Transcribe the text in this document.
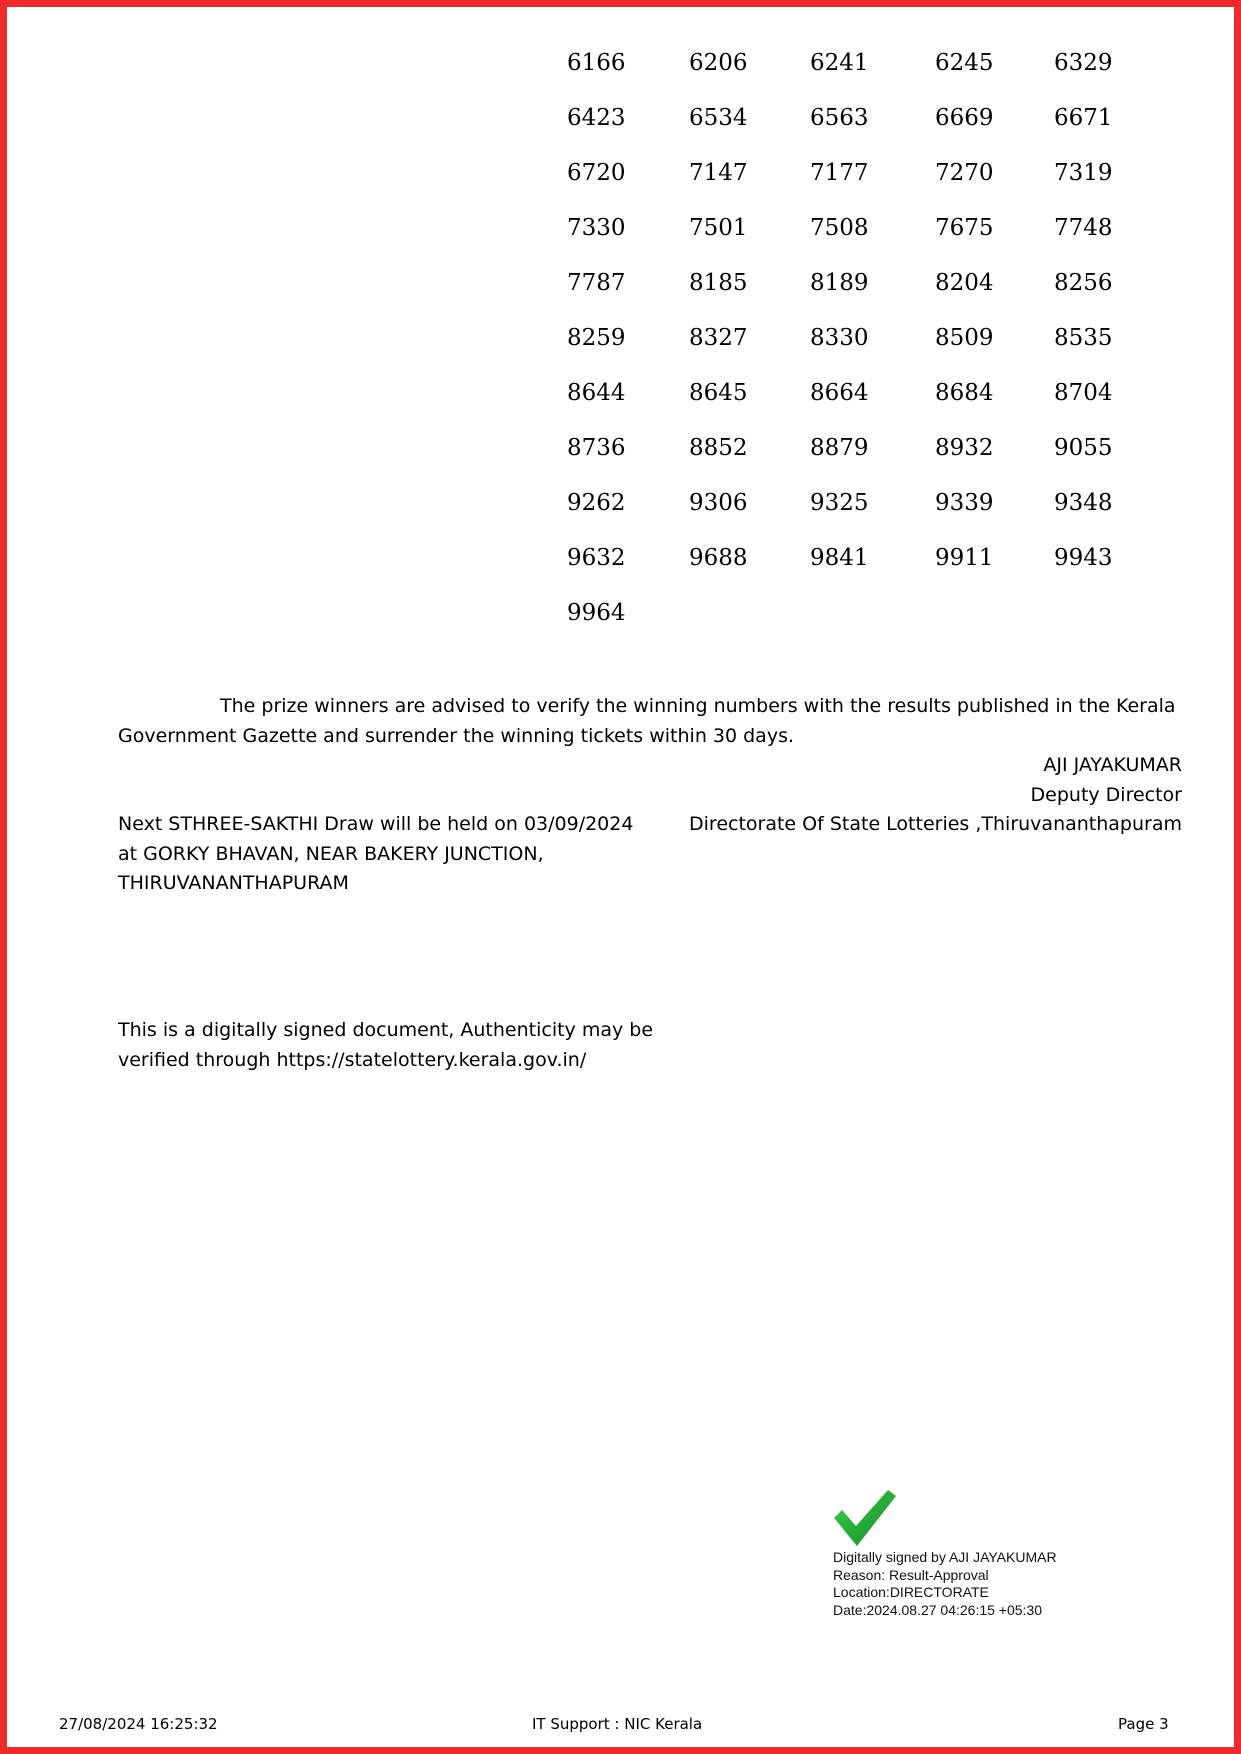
6166	6206	6241	6245	6329
6423	6534	6563	6669	6671
6720	7147	7177	7270	7319
7330	7501	7508	7675	7748
7787	8185	8189	8204	8256
8259	8327	8330	8509	8535
8644	8645	8664	8684	8704
8736	8852	8879	8932	9055
9262	9306	9325	9339	9348
9632	9688	9841	9911	9943
9964
The prize winners are advised to verify the winning numbers with the results published in the Kerala
Government Gazette and surrender the winning tickets within 30 days.
AJI JAYAKUMAR
Deputy Director
Directorate Of State Lotteries ,Thiruvananthapuram
Next STHREE-SAKTHI Draw will be held on 03/09/2024
at GORKY BHAVAN, NEAR BAKERY JUNCTION,
THIRUVANANTHAPURAM
This is a digitally signed document, Authenticity may be
verified through https://statelottery.kerala.gov.in/
Digitally signed by AJI JAYAKUMAR
Reason: Result-Approval
Location:DIRECTORATE
Date:2024.08.27 04:26:15 +05:30
27/08/2024 16:25:32	IT Support : NIC Kerala	Page 3
